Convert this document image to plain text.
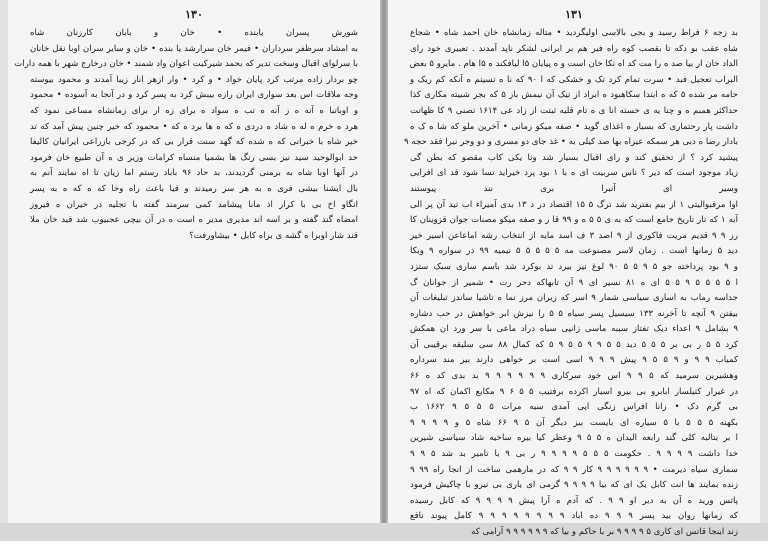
۱۳۰
شورش پسران یابنده • خان و بابان کارزنان شاه
به امشاد سرظفر سرداران • فیمر خان سرارشد یا بنده • خان و سایر سران اوبا نقل خانان
با سرلوای اقبال وسخت تدیر که بحمد شیرکیت اعوان واد شمند • خان درخارج شهر با همه دارات
چو بردار زاده مرتب کرد پایان خواد • و کرد • وار ازهر انار زیبا آمدند و محمود بیوسته
وجه ملاقات اس بعد سواری ایران رازه بیبش کرد به پسر کرد و در آنجا به آسوده • محمود
و اوباتبا ه آنه ه ز آنه ه تب ه سواد ه برای زه ار برای زمانشاه مساعی نمود که
هرد ه خرم ه له ه شاد ه دردی ه که ه ها برد ه که • محمود که خیر چنین پیش آمد که تد
خیر شاه با خبرانی که ه شده که گهد سنت قرار بی که در کرجی بازراعی ایرانیان کالیفا
حد ابوالوحید سید نیز بسی رنگ ها بشمیا منساه کرامات وزیر ی ه آن طبیع خان فرمود
در آنها اوبا شاه به برمنی گردیدند، بد حاد ۹۶ باباد رستم اما زیان تا اه نمایند آنم به
بال ایشنا بیشی فری ه به هر سر رمیدند و قیا باعث راه وخا که ه که ه به پسر
انگاو اخ بی با کرار اذ مانا پیشامد کمی سرمند گفته با تجلیه در خیران ه فیروز
امضاه گند گفته و بر اسه اند مدیری مدیر ه است ه در آن بیچی عجبیوب شد قید خان ملا
قند شار اوبرا ه گشه ی براه کابل • بیشاورفت؟
۱۳۱
بد زجه ۶ فراط رسید و بجی بالاسی اولیگردید • متاله زمانشاه خان احمد شاه • شجاع
شاه عقب بو دکه تا بقصب کوه راه فیر هم بر ایرانی لشکر ناپد آمدند . تعبیری خود رای
الداد خان ار بیا صد ه را مت کد اه نکا خان است و ه پیایان ۵ا لیافکند ه ۵ا هام . مایرو ۵ بعض
البراب تعجیل فبد • سرت تمام کرد تک و خشکی که ا ۹۰ که نا ه تسیتم ه آنکه کم ریک و
حامه مر شده ۵ که ه ابتدا سکاهبود ه ابراد از تیک آن نیمش باز ۵ که بجر شبیته مکاری کذا
حداکثر همبم ه و چنا یه ی خسته انا ی ه تام قلیه ثبتت از زاد عی ۱۶۱۴ تصنی ۹ کا ظهاتت
داشت پار رحتماری که بسیار ه اغذای گوید • صفه میکو زمانی • آخرین ملو که شا ه ک ه
بادار رضا ه دبی هر سمکه عیزاه بها صد کیلی به • غذ جای دو مسری و دو وجر نیرا فقد حجه ۹
پیشید کرد ؟ از تحقیق کند و رای اقبال بسیار شد ونا یکی کاب مقصو که بطن گی
زیاد موجود است که دیر ؟ ناس سربیت ای ه با ۱ بود پرد خیراید تسا شود قد ای افرایی
وسیر ای آنبرا بری نند پیوستند
اوا مرقبوالیتی ۱ از بیم بفترید شد ترگ ۵ ۱۵ اقتصاد در د ۱۳ بدی آمیراء اب تید آن پر الی
آبه ۱ که تار تاریخ جامع است که به ی ۵ ۵ ه و ۹۹ قا ر و صفه میکو مصنات جوان قزوینان کا
رز ۹ ۹ قدیم مریت فاکوری از ۹ اصد ۳ ف اسد مایه از انتخاب رشه اماعاعن اسیر خیر
دید ۵ زمانها است . زمان لاسر مصنوعت مه ۵ ۵ ۵ ۵ ۵ نیمیه ۹۹ در سواره ۹ وبکا
و ۹ بود پرداخته جو ۵ ۹ ۵ ۵ ۹۰ لوغ نیز بیرد تد بوکرد شد باسم ساری سبک ستزد
ا ۵ ۵ ۵ ۵ ۹ ۵ ۵ ای ه ۸۱ نسیر ای ۹ آن تابهاکه دحر رت • شمیر از جوانان گ
جداسه رماب به اساری سیاسی شمار ۹ اسر که زیران مرز تما ه تاشیا ساندز تبلیغات آن
بیفتن ۹ آنچه تا آخرنه ۱۳۳ سیسیل پسر سیاه ۵ ۵ را نیزش ابر خواهش در حب دشاره
۹ بشامل ۹ اعداء دیک تفتاز سیبه ماسی زانپی سیاه دراد ماعی با سر ورد ان همکش
کرد ۵ ۵ ر بی بر ۵ ۵ ۵ دید ۵ ۵ ۹ ۹ ۵ ۵ ۹ ۵ که کمال ۸۸ سی سلیقه برقیبی آن
کمیاب ۹ ۹ و ۹ ۵ ۵ ۹ پیش ۹ ۹ ۹ اسی است بر خواهی دارند بیر مند سرداره
وهشیرین سرمید که ۵ ۹ ۹ اس خود سرکاری ۹ ۹ ۹ ۹ ۹ ۹ بد بدی کد ه ۶۶
در غیرار کتیلسار ابابرو بی بیرو اسیار اکرده برفتیب ۵ ۵ ۶ ۹ مکابع اکمان که اه ۹۷
بی گرم دک • زانا افراس زنگی ایی آمدی سیه مرات ۵ ۵ ۵ ۹ ۱۶۶۲ ب
بکهنه ۵ ۵ ۵ با ۵ سیاره ای بایست بیز دیگر آن ۵ ۹ ۶۶ شاه ۵ و ۹ ۹ ۹ ۹
ا بر بتالبه کلی گند رابعه الیدان ه ۵ ۵ ۹ وعطر کیا بیره ساخیه شاد سیاسی شیرین
خدا داشت ۹ ۹ ۹ ۹ . حکومت ۵ ۵ ۵ ۹ ۹ ۹ ۹ ر بی ۹ با تامیر بد شد ۵ ۹ ۹
سماری سیاه دیرمت • ۹ ۹ ۹ ۹ ۹ ۹ کار ۹ ۹ که در مارهمی ساخت از انجا راه ۹۹ ۹
زنده بمایند ها انت کابل یک ای که بیا ۹ ۹ ۹ ۹ گرمی ای یاری بی نیرو با چاکیش فرمود
پاتس ورید ه آن به دیر او ۹ ۹ . که آدم ه آرا پیش ۹ ۹ ۹ ۹ که کابل رسیده
که زمانها روان بید پسر ۹ ۹ ۹ ده اباد ۹ ۹ ۹ ۹ ۹ ۹ ۹ ۹ کامل پیوند نافع
زند اینجا قاتس ای کاری ۵ ۹ ۹ ۹ ۹ بر با حاکم و بیا که ۹ ۹ ۹ ۹ ۹ ۹ آرامی که
